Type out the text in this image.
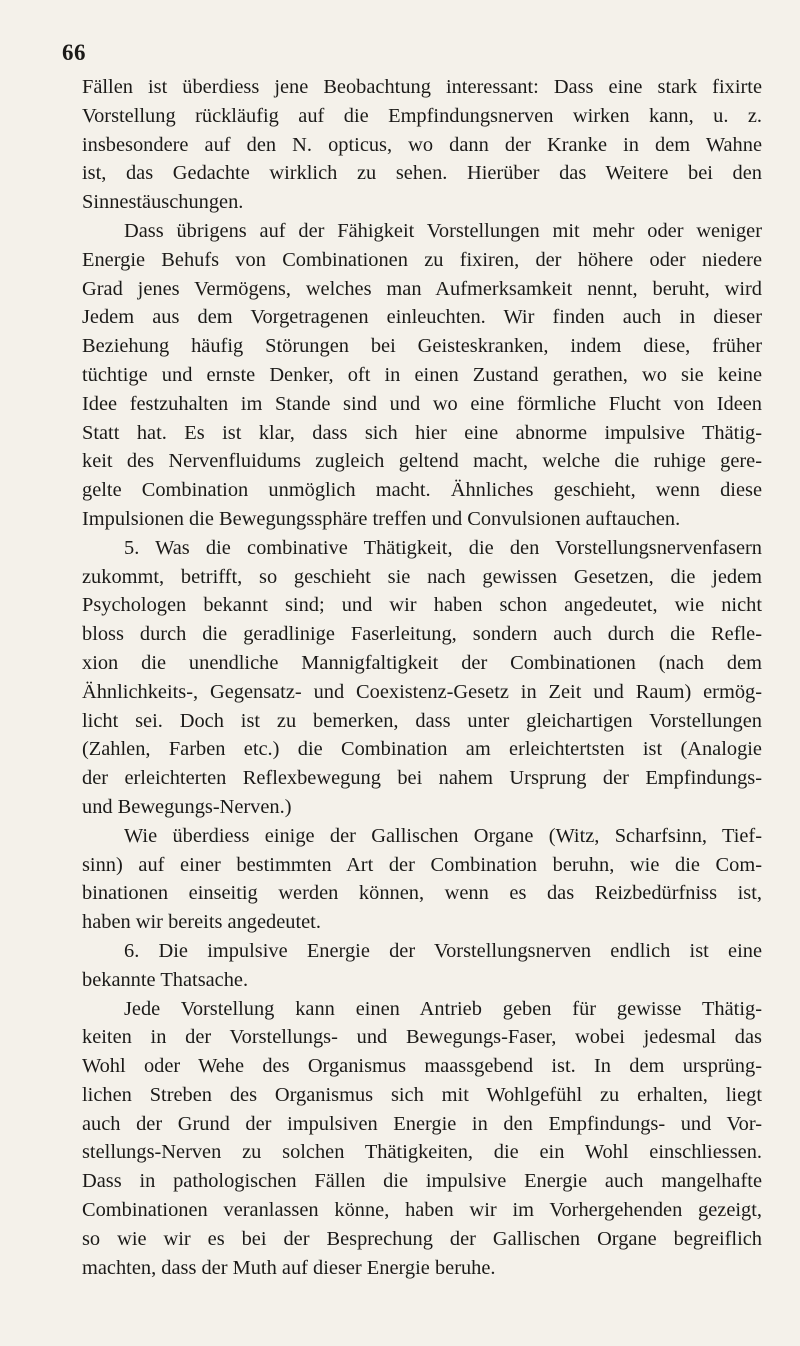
66
Fällen ist überdiess jene Beobachtung interessant: Dass eine stark fixirte
Vorstellung rückläufig auf die Empfindungsnerven wirken kann, u. z.
insbesondere auf den N. opticus, wo dann der Kranke in dem Wahne
ist, das Gedachte wirklich zu sehen. Hierüber das Weitere bei den
Sinnestäuschungen.
Dass übrigens auf der Fähigkeit Vorstellungen mit mehr oder weniger
Energie Behufs von Combinationen zu fixiren, der höhere oder niedere
Grad jenes Vermögens, welches man Aufmerksamkeit nennt, beruht, wird
Jedem aus dem Vorgetragenen einleuchten. Wir finden auch in dieser
Beziehung häufig Störungen bei Geisteskranken, indem diese, früher
tüchtige und ernste Denker, oft in einen Zustand gerathen, wo sie keine
Idee festzuhalten im Stande sind und wo eine förmliche Flucht von Ideen
Statt hat. Es ist klar, dass sich hier eine abnorme impulsive Thätig-
keit des Nervenfluidums zugleich geltend macht, welche die ruhige gere-
gelte Combination unmöglich macht. Ähnliches geschieht, wenn diese
Impulsionen die Bewegungssphäre treffen und Convulsionen auftauchen.
5. Was die combinative Thätigkeit, die den Vorstellungsnervenfasern
zukommt, betrifft, so geschieht sie nach gewissen Gesetzen, die jedem
Psychologen bekannt sind; und wir haben schon angedeutet, wie nicht
bloss durch die geradlinige Faserleitung, sondern auch durch die Refle-
xion die unendliche Mannigfaltigkeit der Combinationen (nach dem
Ähnlichkeits-, Gegensatz- und Coexistenz-Gesetz in Zeit und Raum) ermög-
licht sei. Doch ist zu bemerken, dass unter gleichartigen Vorstellungen
(Zahlen, Farben etc.) die Combination am erleichtertsten ist (Analogie
der erleichterten Reflexbewegung bei nahem Ursprung der Empfindungs-
und Bewegungs-Nerven.)
Wie überdiess einige der Gallischen Organe (Witz, Scharfsinn, Tief-
sinn) auf einer bestimmten Art der Combination beruhn, wie die Com-
binationen einseitig werden können, wenn es das Reizbedürfniss ist,
haben wir bereits angedeutet.
6. Die impulsive Energie der Vorstellungsnerven endlich ist eine
bekannte Thatsache.
Jede Vorstellung kann einen Antrieb geben für gewisse Thätig-
keiten in der Vorstellungs- und Bewegungs-Faser, wobei jedesmal das
Wohl oder Wehe des Organismus maassgebend ist. In dem ursprüng-
lichen Streben des Organismus sich mit Wohlgefühl zu erhalten, liegt
auch der Grund der impulsiven Energie in den Empfindungs- und Vor-
stellungs-Nerven zu solchen Thätigkeiten, die ein Wohl einschliessen.
Dass in pathologischen Fällen die impulsive Energie auch mangelhafte
Combinationen veranlassen könne, haben wir im Vorhergehenden gezeigt,
so wie wir es bei der Besprechung der Gallischen Organe begreiflich
machten, dass der Muth auf dieser Energie beruhe.
